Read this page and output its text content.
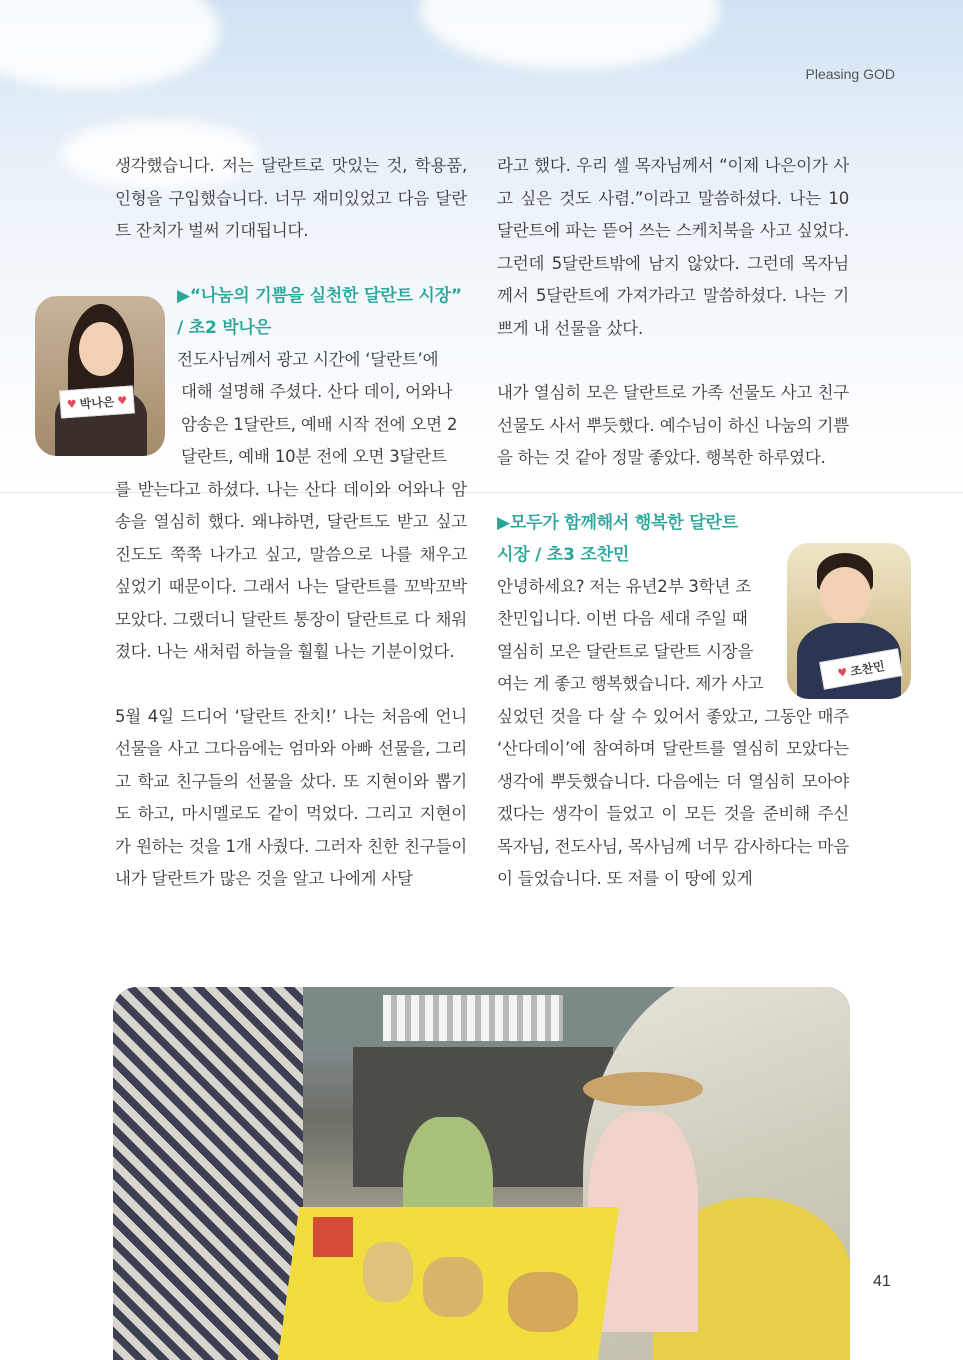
Pleasing GOD

생각했습니다. 저는 달란트로 맛있는 것, 학용품, 인형을 구입했습니다. 너무 재미있었고 다음 달란트 잔치가 벌써 기대됩니다.

▶“나눔의 기쁨을 실천한 달란트 시장”
/ 초2 박나은

전도사님께서 광고 시간에 ‘달란트’에

대해 설명해 주셨다. 산다 데이, 어와나

암송은 1달란트, 예배 시작 전에 오면 2

달란트, 예배 10분 전에 오면 3달란트

를 받는다고 하셨다. 나는 산다 데이와 어와나 암송을 열심히 했다. 왜냐하면, 달란트도 받고 싶고 진도도 쭉쭉 나가고 싶고, 말씀으로 나를 채우고 싶었기 때문이다. 그래서 나는 달란트를 꼬박꼬박 모았다. 그랬더니 달란트 통장이 달란트로 다 채워졌다. 나는 새처럼 하늘을 훨훨 나는 기분이었다.

5월 4일 드디어 ‘달란트 잔치!’ 나는 처음에 언니 선물을 사고 그다음에는 엄마와 아빠 선물을, 그리고 학교 친구들의 선물을 샀다. 또 지현이와 뽑기도 하고, 마시멜로도 같이 먹었다. 그리고 지현이가 원하는 것을 1개 사줬다. 그러자 친한 친구들이 내가 달란트가 많은 것을 알고 나에게 사달

라고 했다. 우리 셀 목자님께서 “이제 나은이가 사고 싶은 것도 사렴.”이라고 말씀하셨다. 나는 10달란트에 파는 뜯어 쓰는 스케치북을 사고 싶었다. 그런데 5달란트밖에 남지 않았다. 그런데 목자님께서 5달란트에 가져가라고 말씀하셨다. 나는 기쁘게 내 선물을 샀다.

내가 열심히 모은 달란트로 가족 선물도 사고 친구 선물도 사서 뿌듯했다. 예수님이 하신 나눔의 기쁨을 하는 것 같아 정말 좋았다. 행복한 하루였다.

▶모두가 함께해서 행복한 달란트
시장 / 초3 조찬민

안녕하세요? 저는 유년2부 3학년 조

찬민입니다. 이번 다음 세대 주일 때

열심히 모은 달란트로 달란트 시장을

여는 게 좋고 행복했습니다. 제가 사고

싶었던 것을 다 살 수 있어서 좋았고, 그동안 매주 ‘산다데이’에 참여하며 달란트를 열심히 모았다는 생각에 뿌듯했습니다. 다음에는 더 열심히 모아야겠다는 생각이 들었고 이 모든 것을 준비해 주신 목자님, 전도사님, 목사님께 너무 감사하다는 마음이 들었습니다. 또 저를 이 땅에 있게

♥ 박나은 ♥
♥ 조찬민
41
